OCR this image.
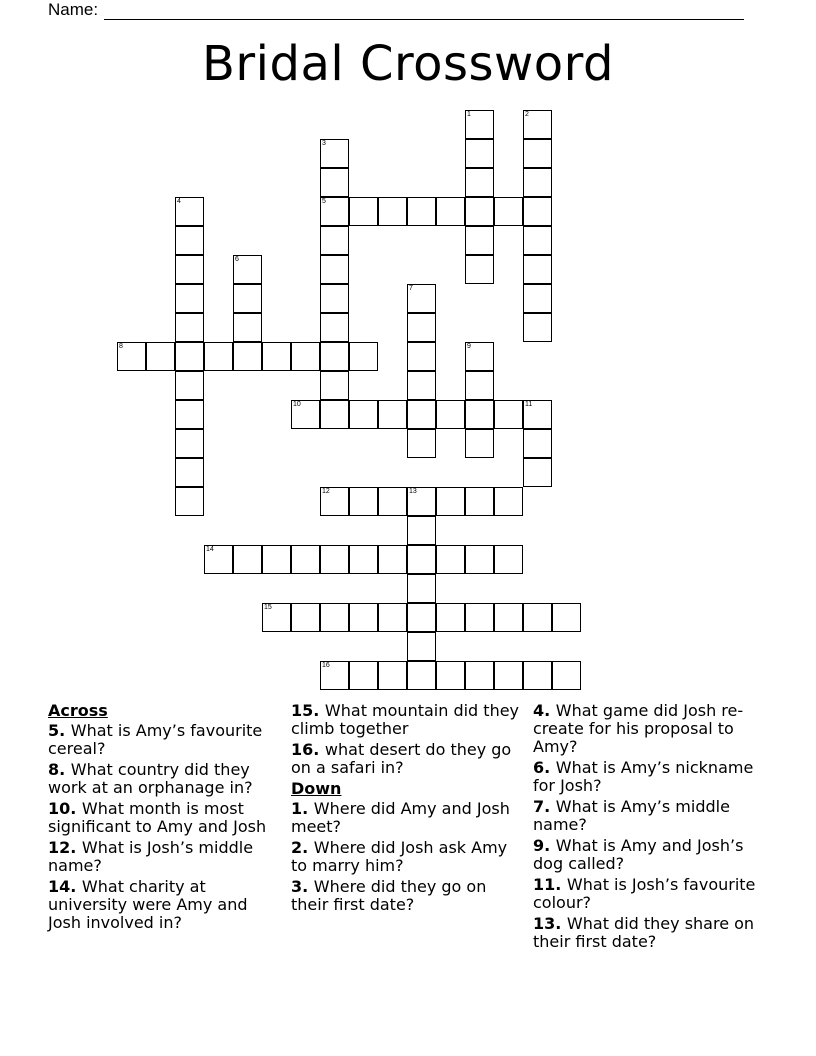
Name:
Bridal Crossword
1	2
3
5
4
6
7
8	9
10	11
12	13
14
15
16
Across
5. What is Amy’s favourite cereal?
8. What country did they work at an orphanage in?
10. What month is most significant to Amy and Josh
12. What is Josh’s middle name?
14. What charity at university were Amy and Josh involved in?
15. What mountain did they climb together
16. what desert do they go on a safari in?
Down
1. Where did Amy and Josh meet?
2. Where did Josh ask Amy to marry him?
3. Where did they go on their first date?
4. What game did Josh re-create for his proposal to Amy?
6. What is Amy’s nickname for Josh?
7. What is Amy’s middle name?
9. What is Amy and Josh’s dog called?
11. What is Josh’s favourite colour?
13. What did they share on their first date?
